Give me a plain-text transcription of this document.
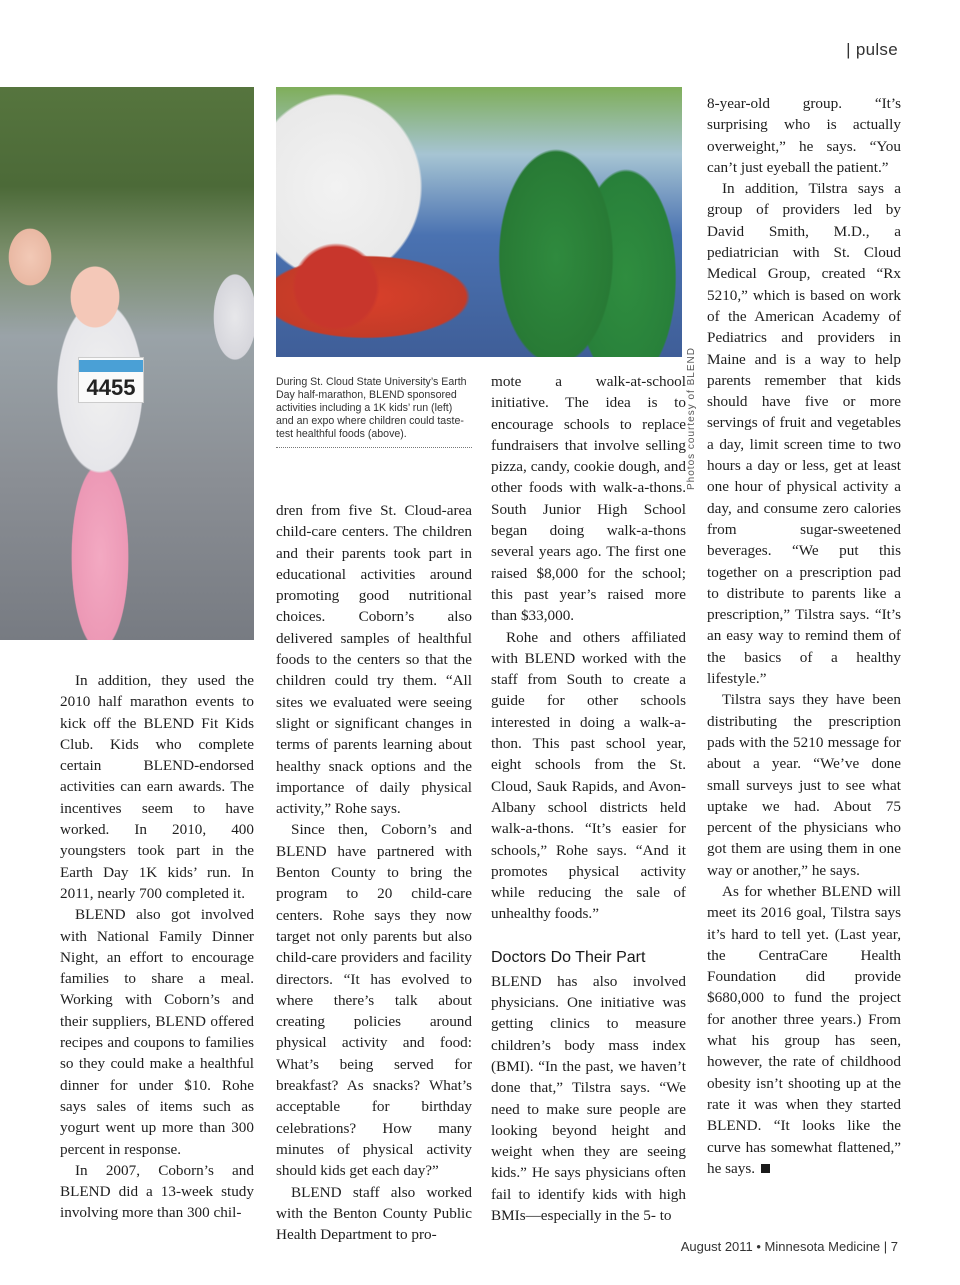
| pulse
4455	Photos courtesy of BLEND
During St. Cloud State University’s Earth Day half-marathon, BLEND sponsored activities including a 1K kids’ run (left) and an expo where children could taste-test healthful foods (above).

In addition, they used the 2010 half marathon events to kick off the BLEND Fit Kids Club. Kids who complete certain BLEND-endorsed activities can earn awards. The incentives seem to have worked. In 2010, 400 youngsters took part in the Earth Day 1K kids’ run. In 2011, nearly 700 completed it.

BLEND also got involved with National Family Dinner Night, an effort to encourage families to share a meal. Working with Coborn’s and their suppliers, BLEND offered recipes and coupons to families so they could make a healthful dinner for under $10. Rohe says sales of items such as yogurt went up more than 300 percent in response.

In 2007, Coborn’s and BLEND did a 13-week study involving more than 300 chil-

dren from five St. Cloud-area child-care centers. The children and their parents took part in educational activities around promoting good nutritional choices. Coborn’s also delivered samples of healthful foods to the centers so that the children could try them. “All sites we evaluated were seeing slight or significant changes in terms of parents learning about healthy snack options and the importance of daily physical activity,” Rohe says.

Since then, Coborn’s and BLEND have partnered with Benton County to bring the program to 20 child-care centers. Rohe says they now target not only parents but also child-care providers and facility directors. “It has evolved to where there’s talk about creating policies around physical activity and food: What’s being served for breakfast? As snacks? What’s acceptable for birthday celebrations? How many minutes of physical activity should kids get each day?”

BLEND staff also worked with the Benton County Public Health Department to pro-

mote a walk-at-school initiative. The idea is to encourage schools to replace fundraisers that involve selling pizza, candy, cookie dough, and other foods with walk-a-thons. South Junior High School began doing walk-a-thons several years ago. The first one raised $8,000 for the school; this past year’s raised more than $33,000.

Rohe and others affiliated with BLEND worked with the staff from South to create a guide for other schools interested in doing a walk-a-thon. This past school year, eight schools from the St. Cloud, Sauk Rapids, and Avon-Albany school districts held walk-a-thons. “It’s easier for schools,” Rohe says. “And it promotes physical activity while reducing the sale of unhealthy foods.”

Doctors Do Their Part

BLEND has also involved physicians. One initiative was getting clinics to measure children’s body mass index (BMI). “In the past, we haven’t done that,” Tilstra says. “We need to make sure people are looking beyond height and weight when they are seeing kids.” He says physicians often fail to identify kids with high BMIs—especially in the 5- to

8-year-old group. “It’s surprising who is actually overweight,” he says. “You can’t just eyeball the patient.”

In addition, Tilstra says a group of providers led by David Smith, M.D., a pediatrician with St. Cloud Medical Group, created “Rx 5210,” which is based on work of the American Academy of Pediatrics and providers in Maine and is a way to help parents remember that kids should have five or more servings of fruit and vegetables a day, limit screen time to two hours a day or less, get at least one hour of physical activity a day, and consume zero calories from sugar-sweetened beverages. “We put this together on a prescription pad to distribute to parents like a prescription,” Tilstra says. “It’s an easy way to remind them of the basics of a healthy lifestyle.”

Tilstra says they have been distributing the prescription pads with the 5210 message for about a year. “We’ve done small surveys just to see what uptake we had. About 75 percent of the physicians who got them are using them in one way or another,” he says.

As for whether BLEND will meet its 2016 goal, Tilstra says it’s hard to tell yet. (Last year, the CentraCare Health Foundation did provide $680,000 to fund the project for another three years.) From what his group has seen, however, the rate of childhood obesity isn’t shooting up at the rate it was when they started BLEND. “It looks like the curve has somewhat flattened,” he says.

August 2011 • Minnesota Medicine | 7
